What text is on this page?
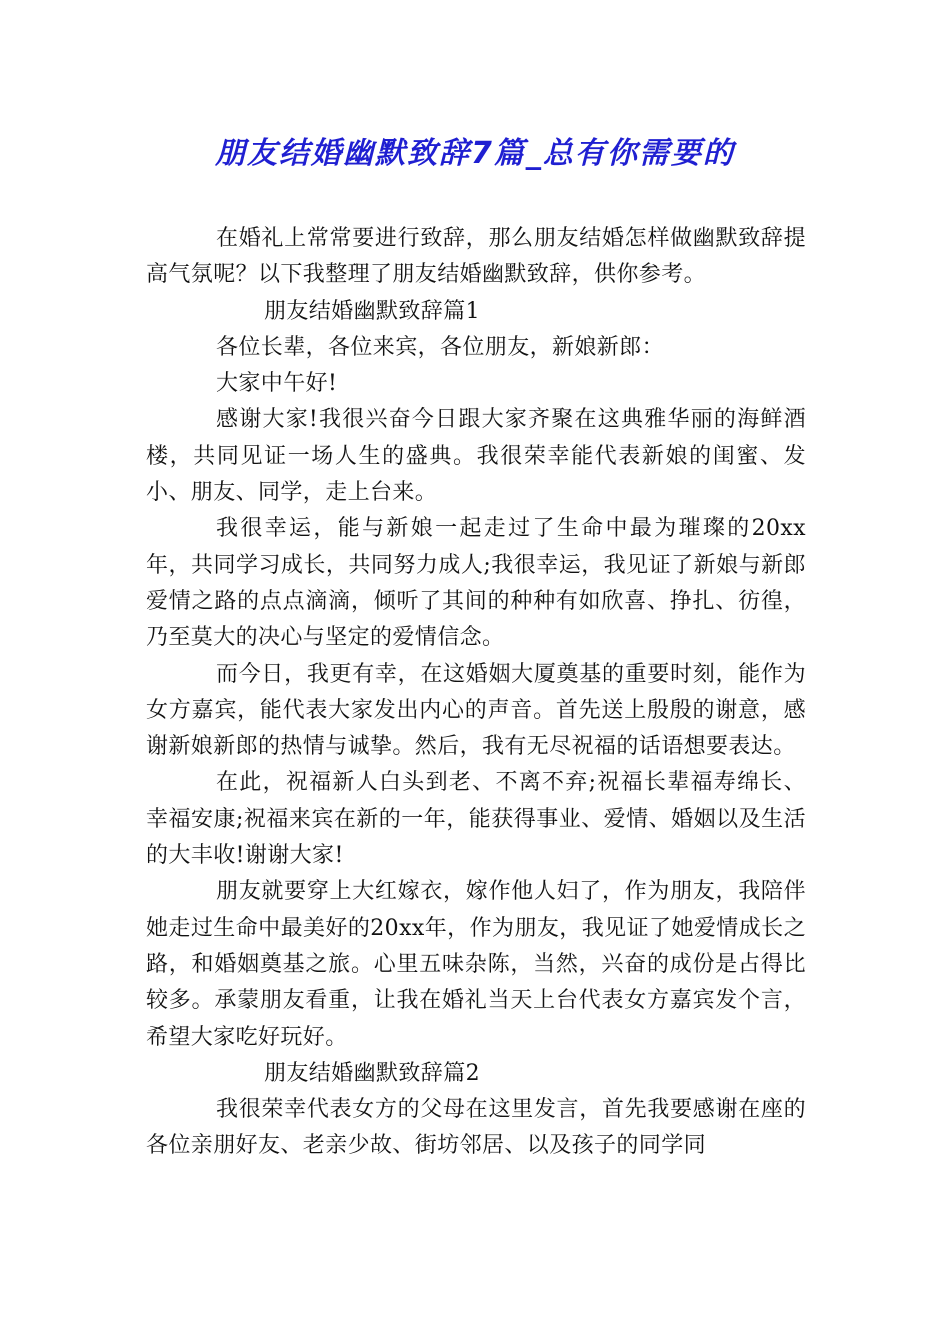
朋友结婚幽默致辞7篇_总有你需要的

在婚礼上常常要进行致辞，那么朋友结婚怎样做幽默致辞提高气氛呢？以下我整理了朋友结婚幽默致辞，供你参考。

朋友结婚幽默致辞篇1

各位长辈，各位来宾，各位朋友，新娘新郎：

大家中午好!

感谢大家!我很兴奋今日跟大家齐聚在这典雅华丽的海鲜酒楼，共同见证一场人生的盛典。我很荣幸能代表新娘的闺蜜、发小、朋友、同学，走上台来。

我很幸运，能与新娘一起走过了生命中最为璀璨的20xx年，共同学习成长，共同努力成人;我很幸运，我见证了新娘与新郎爱情之路的点点滴滴，倾听了其间的种种有如欣喜、挣扎、彷徨，乃至莫大的决心与坚定的爱情信念。

而今日，我更有幸，在这婚姻大厦奠基的重要时刻，能作为女方嘉宾，能代表大家发出内心的声音。首先送上殷殷的谢意，感谢新娘新郎的热情与诚挚。然后，我有无尽祝福的话语想要表达。

在此，祝福新人白头到老、不离不弃;祝福长辈福寿绵长、幸福安康;祝福来宾在新的一年，能获得事业、爱情、婚姻以及生活的大丰收!谢谢大家!

朋友就要穿上大红嫁衣，嫁作他人妇了，作为朋友，我陪伴她走过生命中最美好的20xx年，作为朋友，我见证了她爱情成长之路，和婚姻奠基之旅。心里五味杂陈，当然，兴奋的成份是占得比较多。承蒙朋友看重，让我在婚礼当天上台代表女方嘉宾发个言，希望大家吃好玩好。

朋友结婚幽默致辞篇2

我很荣幸代表女方的父母在这里发言，首先我要感谢在座的各位亲朋好友、老亲少故、街坊邻居、以及孩子的同学同
